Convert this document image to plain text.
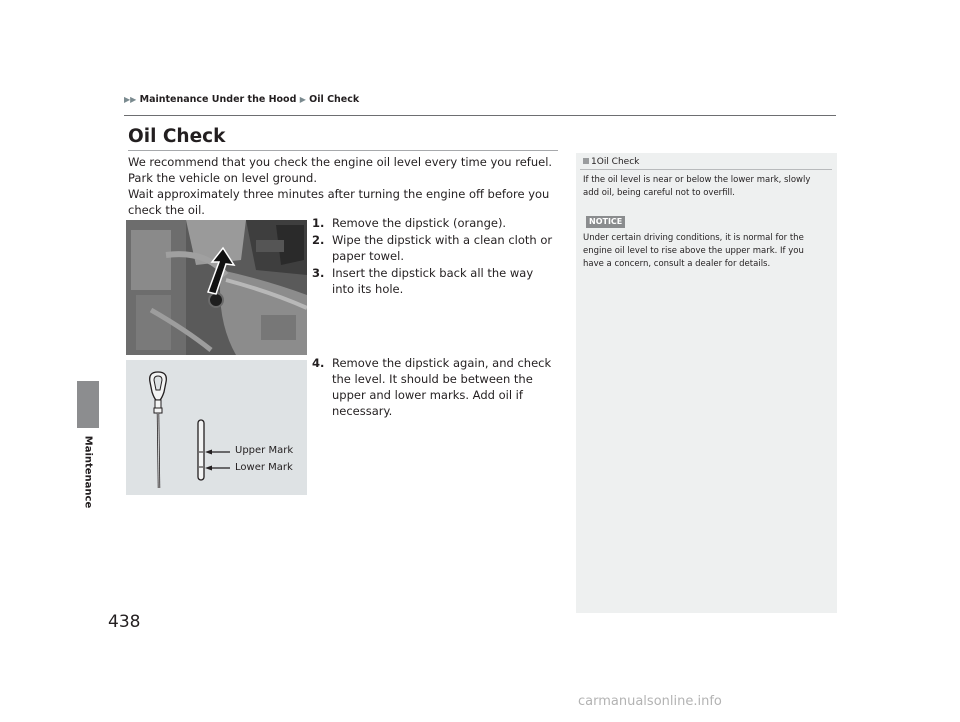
▶▶ Maintenance Under the Hood ▶ Oil Check
Maintenance
438
Oil Check

We recommend that you check the engine oil level every time you refuel.

Park the vehicle on level ground.

Wait approximately three minutes after turning the engine off before you check the oil.

1. Remove the dipstick (orange).
2. Wipe the dipstick with a clean cloth or paper towel.
3. Insert the dipstick back all the way into its hole.
4. Remove the dipstick again, and check the level. It should be between the upper and lower marks. Add oil if necessary.
Upper Mark
Lower Mark
1Oil Check
If the oil level is near or below the lower mark, slowly add oil, being careful not to overfill.
NOTICE
Under certain driving conditions, it is normal for the engine oil level to rise above the upper mark. If you have a concern, consult a dealer for details.
carmanualsonline.info
